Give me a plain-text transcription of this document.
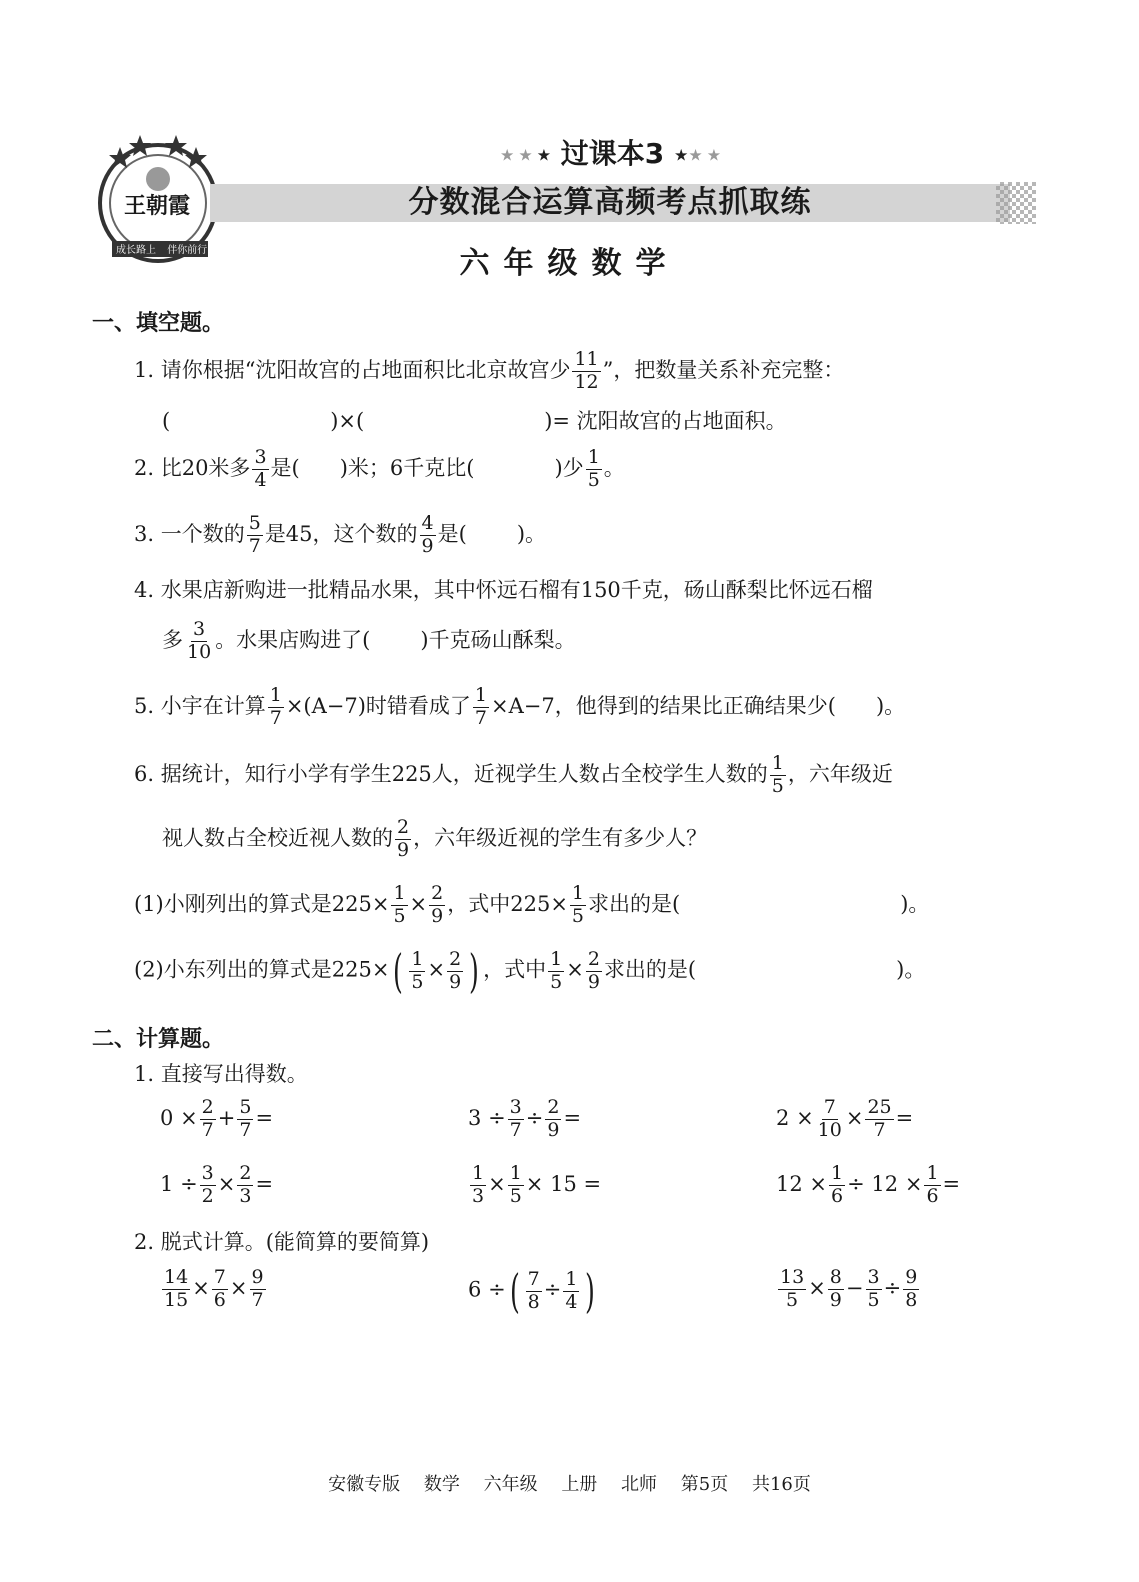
王朝霞
成长路上 伴你前行
★★★ 过课本3 ★★★
分数混合运算高频考点抓取练
六年级数学
一、填空题。
1. 请你根据“沈阳故宫的占地面积比北京故宫少 $\frac{11}{12}$ ”，把数量关系补充完整：
(	)×(	)= 沈阳故宫的占地面积。
2. 比20米多 $\frac{3}{4}$ 是( )米；6千克比(	)少 $\frac{1}{5}$ 。
3. 一个数的 $\frac{5}{7}$ 是45，这个数的 $\frac{4}{9}$ 是( )。
4. 水果店新购进一批精品水果，其中怀远石榴有150千克，砀山酥梨比怀远石榴
多 $\frac{3}{10}$ 。水果店购进了( )千克砀山酥梨。
5. 小宇在计算 $\frac{1}{7} \times(A-7)$时错看成了 $\frac{1}{7} \times A-7$，他得到的结果比正确结果少( )。
6. 据统计，知行小学有学生225人，近视学生人数占全校学生人数的 $\frac{1}{5}$ ，六年级近
视人数占全校近视人数的 $\frac{2}{9}$ ，六年级近视的学生有多少人？
(1)小刚列出的算式是$225\times \frac{1}{5} \times \frac{2}{9}$ ，式中$225\times \frac{1}{5}$ 求出的是(	)。
(2)小东列出的算式是$225\times( \frac{1}{5} \times \frac{2}{9}$ ) ，式中 $\frac{1}{5} \times \frac{2}{9}$ 求出的是(	)。
二、计算题。
1. 直接写出得数。
$0 \times \frac{2}{7} + \frac{5}{7}$ =	$3 \div \frac{3}{7} \div \frac{2}{9}$ =	$2 \times \frac{7}{10} \times \frac{25}{7}$ =
$1 \div \frac{3}{2} \times \frac{2}{3}$ =	$\frac{1}{3} \times \frac{1}{5} \times 15$ =	$12 \times \frac{1}{6} \div 12 \times \frac{1}{6}$ =
2. 脱式计算。(能简算的要简算)
$\frac{14}{15} \times \frac{7}{6} \times \frac{9}{7}$	6 ÷( $\frac{7}{8} \div \frac{1}{4}$ )	$\frac{13}{5} \times \frac{8}{9} - \frac{3}{5} \div \frac{9}{8}$
安徽专版 数学 六年级 上册 北师 第5页 共16页
